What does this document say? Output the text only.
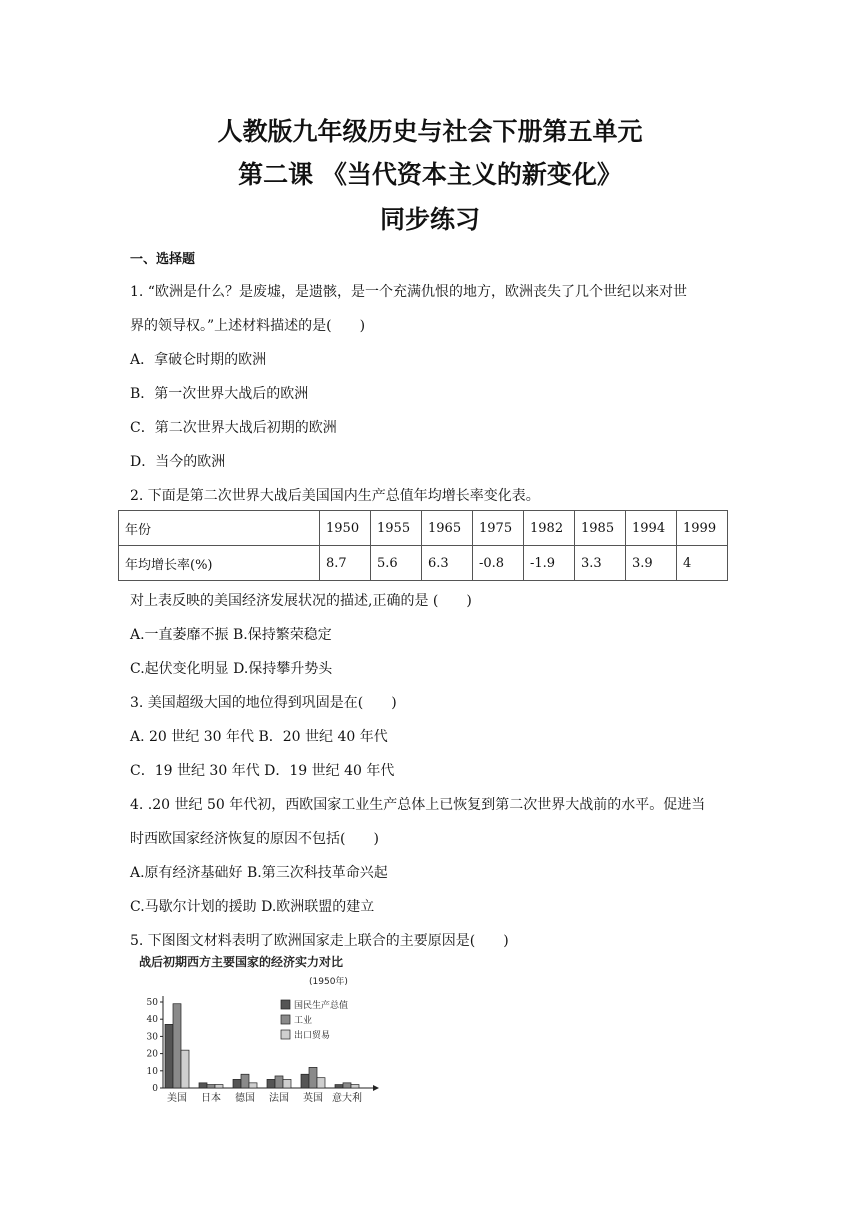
人教版九年级历史与社会下册第五单元
第二课 《当代资本主义的新变化》
同步练习
一、选择题
1. “欧洲是什么？是废墟，是遗骸，是一个充满仇恨的地方，欧洲丧失了几个世纪以来对世
界的领导权。”上述材料描述的是(　　)
A．拿破仑时期的欧洲
B．第一次世界大战后的欧洲
C．第二次世界大战后初期的欧洲
D．当今的欧洲
2. 下面是第二次世界大战后美国国内生产总值年均增长率变化表。
年份	1950	1955	1965	1975	1982	1985	1994	1999
年均增长率(%)	8.7	5.6	6.3	-0.8	-1.9	3.3	3.9	4
对上表反映的美国经济发展状况的描述,正确的是 (　　)
A.一直萎靡不振 B.保持繁荣稳定
C.起伏变化明显 D.保持攀升势头
3. 美国超级大国的地位得到巩固是在(　　)
A. 20 世纪 30 年代 B．20 世纪 40 年代
C．19 世纪 30 年代 D．19 世纪 40 年代
4. .20 世纪 50 年代初，西欧国家工业生产总体上已恢复到第二次世界大战前的水平。促进当
时西欧国家经济恢复的原因不包括(　　)
A.原有经济基础好 B.第三次科技革命兴起
C.马歇尔计划的援助 D.欧洲联盟的建立
5. 下图图文材料表明了欧洲国家走上联合的主要原因是(　　)
战后初期西方主要国家的经济实力对比
(1950年)
0
10
20
30
40
50
美国 日本 德国 法国 英国 意大利
国民生产总值
工业
出口贸易
